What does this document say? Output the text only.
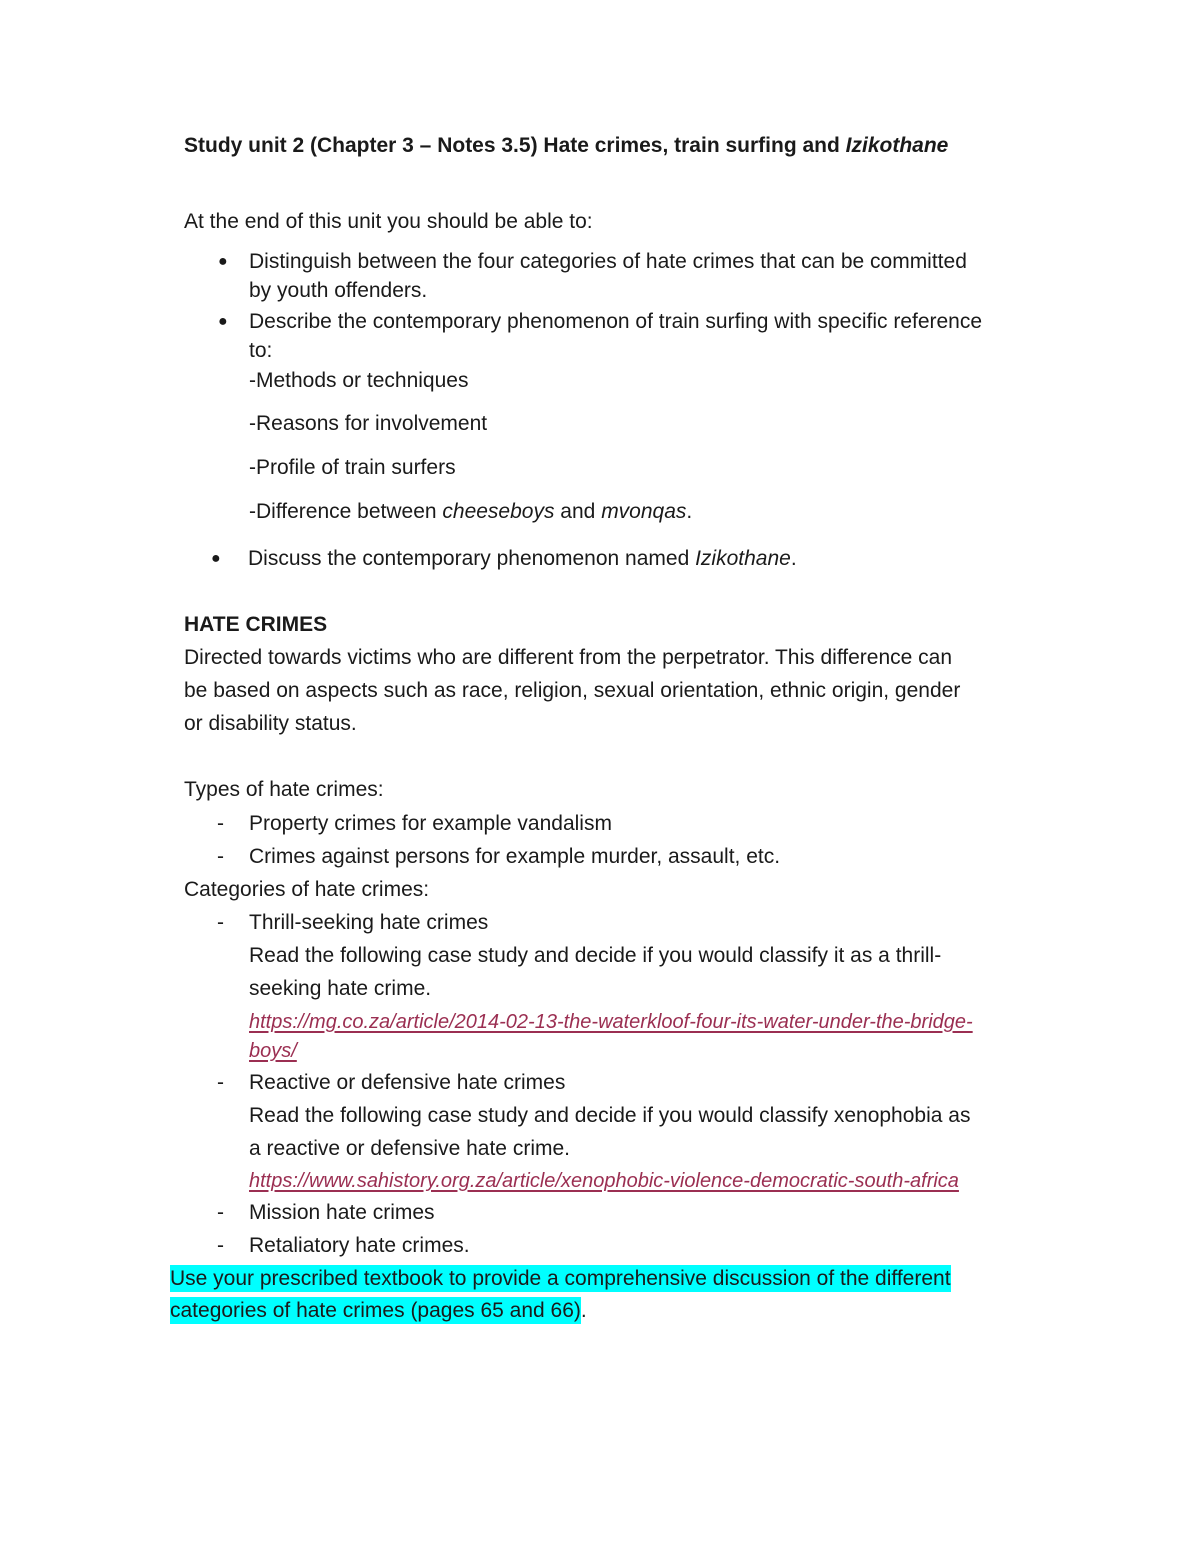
Study unit 2 (Chapter 3 – Notes 3.5) Hate crimes, train surfing and Izikothane
At the end of this unit you should be able to:
● Distinguish between the four categories of hate crimes that can be committed
by youth offenders.
● Describe the contemporary phenomenon of train surfing with specific reference
to:
-Methods or techniques
-Reasons for involvement
-Profile of train surfers
-Difference between cheeseboys and mvonqas.
● Discuss the contemporary phenomenon named Izikothane.
HATE CRIMES
Directed towards victims who are different from the perpetrator. This difference can
be based on aspects such as race, religion, sexual orientation, ethnic origin, gender
or disability status.
Types of hate crimes:
- Property crimes for example vandalism
- Crimes against persons for example murder, assault, etc.
Categories of hate crimes:
- Thrill-seeking hate crimes
Read the following case study and decide if you would classify it as a thrill-
seeking hate crime.
https://mg.co.za/article/2014-02-13-the-waterkloof-four-its-water-under-the-bridge-
boys/
- Reactive or defensive hate crimes
Read the following case study and decide if you would classify xenophobia as
a reactive or defensive hate crime.
https://www.sahistory.org.za/article/xenophobic-violence-democratic-south-africa
- Mission hate crimes
- Retaliatory hate crimes.
Use your prescribed textbook to provide a comprehensive discussion of the different
categories of hate crimes (pages 65 and 66).
